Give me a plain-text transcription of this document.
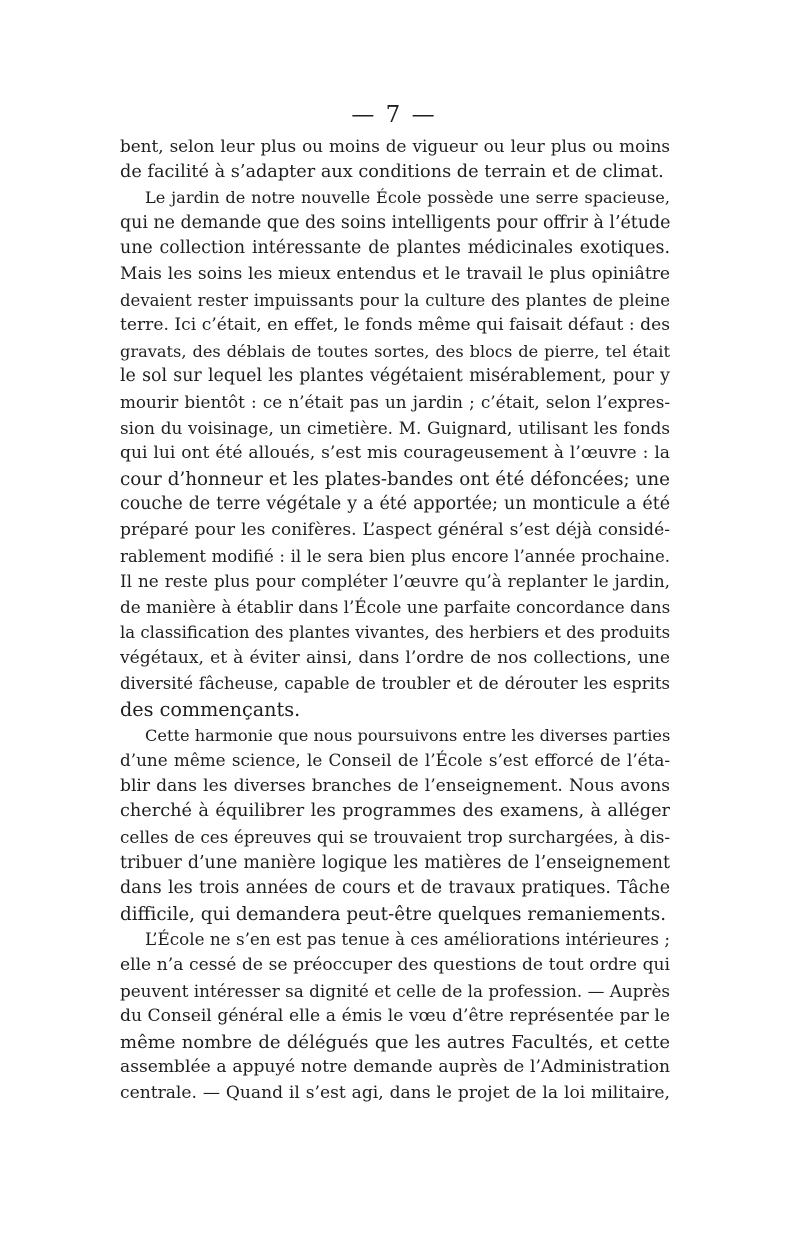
— 7 —
bent, selon leur plus ou moins de vigueur ou leur plus ou moins
de facilité à s’adapter aux conditions de terrain et de climat.
Le jardin de notre nouvelle École possède une serre spacieuse,
qui ne demande que des soins intelligents pour offrir à l’étude
une collection intéressante de plantes médicinales exotiques.
Mais les soins les mieux entendus et le travail le plus opiniâtre
devaient rester impuissants pour la culture des plantes de pleine
terre. Ici c’était, en effet, le fonds même qui faisait défaut : des
gravats, des déblais de toutes sortes, des blocs de pierre, tel était
le sol sur lequel les plantes végétaient misérablement, pour y
mourir bientôt : ce n’était pas un jardin ; c’était, selon l’expres-
sion du voisinage, un cimetière. M. Guignard, utilisant les fonds
qui lui ont été alloués, s’est mis courageusement à l’œuvre : la
cour d’honneur et les plates-bandes ont été défoncées; une
couche de terre végétale y a été apportée; un monticule a été
préparé pour les conifères. L’aspect général s’est déjà considé-
rablement modifié : il le sera bien plus encore l’année prochaine.
Il ne reste plus pour compléter l’œuvre qu’à replanter le jardin,
de manière à établir dans l’École une parfaite concordance dans
la classification des plantes vivantes, des herbiers et des produits
végétaux, et à éviter ainsi, dans l’ordre de nos collections, une
diversité fâcheuse, capable de troubler et de dérouter les esprits
des commençants.
Cette harmonie que nous poursuivons entre les diverses parties
d’une même science, le Conseil de l’École s’est efforcé de l’éta-
blir dans les diverses branches de l’enseignement. Nous avons
cherché à équilibrer les programmes des examens, à alléger
celles de ces épreuves qui se trouvaient trop surchargées, à dis-
tribuer d’une manière logique les matières de l’enseignement
dans les trois années de cours et de travaux pratiques. Tâche
difficile, qui demandera peut-être quelques remaniements.
L’École ne s’en est pas tenue à ces améliorations intérieures ;
elle n’a cessé de se préoccuper des questions de tout ordre qui
peuvent intéresser sa dignité et celle de la profession. — Auprès
du Conseil général elle a émis le vœu d’être représentée par le
même nombre de délégués que les autres Facultés, et cette
assemblée a appuyé notre demande auprès de l’Administration
centrale. — Quand il s’est agi, dans le projet de la loi militaire,
